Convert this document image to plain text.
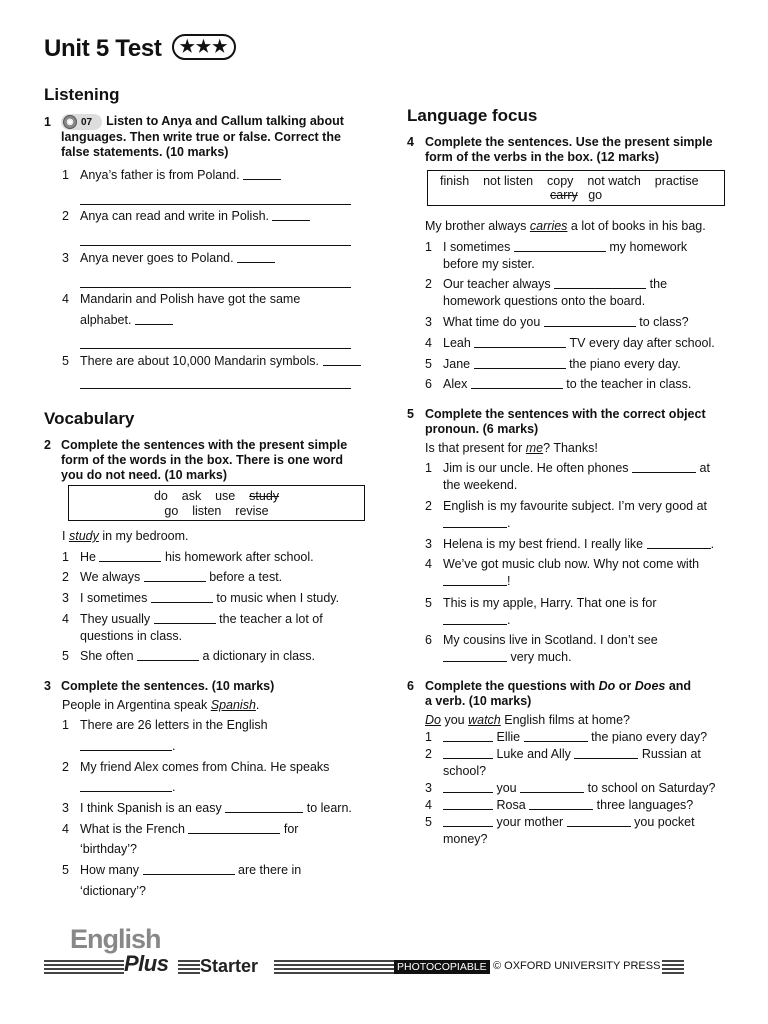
Unit 5 Test ★★★
Listening
1	◉ 07 Listen to Anya and Callum talking about
languages. Then write true or false. Correct the
false statements. (10 marks)
1 Anya’s father is from Poland.
2 Anya can read and write in Polish.
3 Anya never goes to Poland.
4 Mandarin and Polish have got the same
alphabet.
5 There are about 10,000 Mandarin symbols.
Vocabulary
2 Complete the sentences with the present simple
form of the words in the box. There is one word
you do not need. (10 marks)
do ask use study
go listen revise
I study in my bedroom.
1 He	his homework after school.
2 We always	before a test.
3 I sometimes	to music when I study.
4 They usually	the teacher a lot of
questions in class.
5 She often	a dictionary in class.
3 Complete the sentences. (10 marks)
People in Argentina speak Spanish.
1 There are 26 letters in the English
.
2 My friend Alex comes from China. He speaks
.
3 I think Spanish is an easy	to learn.
4 What is the French	for
‘birthday’?
5 How many	are there in
‘dictionary’?
Language focus
4 Complete the sentences. Use the present simple
form of the verbs in the box. (12 marks)
finish not listen copy not watch practise
carry go
My brother always carries a lot of books in his bag.
1 I sometimes	my homework
before my sister.
2 Our teacher always	the
homework questions onto the board.
3 What time do you	to class?
4 Leah	TV every day after school.
5 Jane	the piano every day.
6 Alex	to the teacher in class.
5 Complete the sentences with the correct object
pronoun. (6 marks)
Is that present for me? Thanks!
1 Jim is our uncle. He often phones	at
the weekend.
2 English is my favourite subject. I’m very good at
.
3 Helena is my best friend. I really like	.
4 We’ve got music club now. Why not come with
!
5 This is my apple, Harry. That one is for
.
6 My cousins live in Scotland. I don’t see
very much.
6 Complete the questions with Do or Does and
a verb. (10 marks)
Do you watch English films at home?
1	Ellie	the piano every day?
2	Luke and Ally	Russian at
school?
3	you	to school on Saturday?
4	Rosa	three languages?
5	your mother	you pocket
money?
English
Plus Starter	PHOTOCOPIABLE © OXFORD UNIVERSITY PRESS
